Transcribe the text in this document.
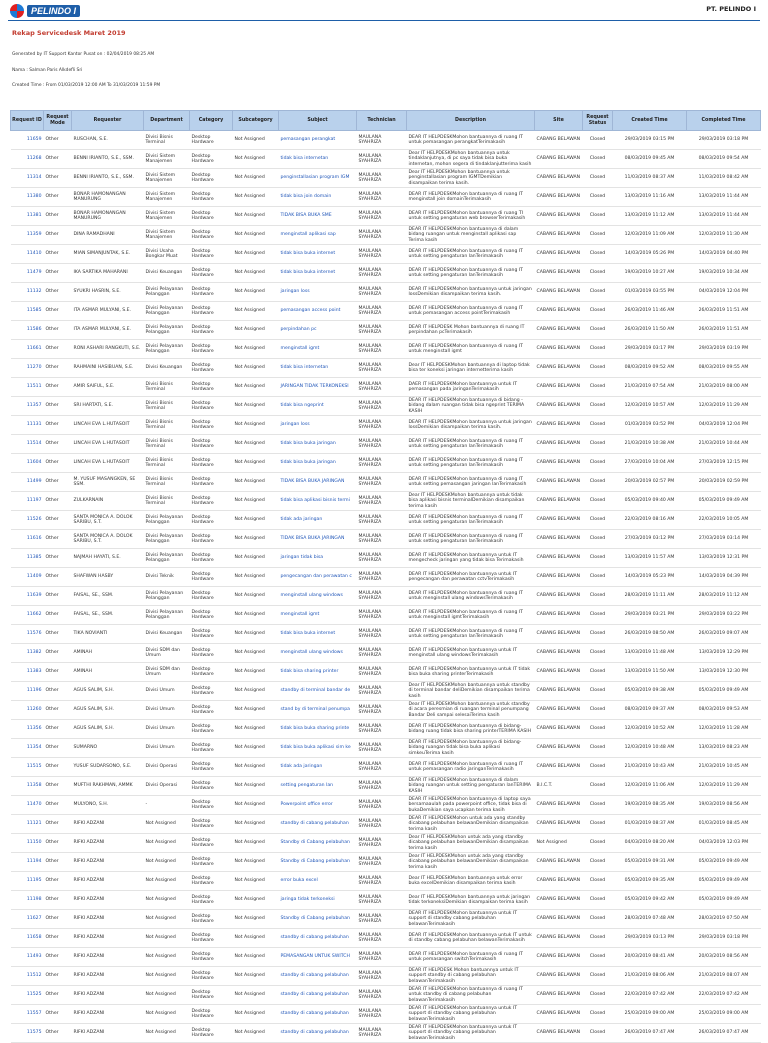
PELINDO I	PT. PELINDO I
Rekap Servicedesk Maret 2019
Generated by IT Support Kantor Pusat on : 02/04/2019 08:25 AM
Nama : Salman Paris Alkdefli Sri
Created Time : From 01/03/2019 12:00 AM To 31/03/2019 11:59 PM
Request ID	Request Mode	Requester	Department	Category	Subcategory	Subject	Technician	Description	Site	Request Status	Created Time	Completed Time
11659	Other	RUSCHAN, S.E.	Divisi Bisnis Terminal	Desktop Hardware	Not Assigned	pemasangan perangkat	MAULANA SYAHRIZA	DEAR IT HELPDESKMohon bantuannya di ruang IT untuk pemasangan perangkatTerimakasih	CABANG BELAWAN	Closed	29/03/2019 03:15 PM	29/03/2019 03:18 PM
11268	Other	BENNI IRIANTO, S.E., SSM.	Divisi Sistem Manajemen	Desktop Hardware	Not Assigned	tidak bisa internetan	MAULANA SYAHRIZA	Dear IT HELPDESKMohon bantuannya untuk tindaklanjutnya, di pc saya tidak bisa buka internetan, mohon segera di tindaklanjutterima kasih	CABANG BELAWAN	Closed	08/03/2019 09:45 AM	08/03/2019 09:54 AM
11314	Other	BENNI IRIANTO, S.E., SSM.	Divisi Sistem Manajemen	Desktop Hardware	Not Assigned	penginstallasian program IGM	MAULANA SYAHRIZA	Dear IT HELPDESKMohon bantuannya untuk penginstallasian program IGMTDemikian disampaikan terima kasih.	CABANG BELAWAN	Closed	11/03/2019 08:37 AM	11/03/2019 08:42 AM
11380	Other	BONAR HAMONANGAN MANURUNG	Divisi Sistem Manajemen	Desktop Hardware	Not Assigned	tidak bisa join domain	MAULANA SYAHRIZA	DEAR IT HELPDESKMohon bantuannya di ruang IT menginstall join domainTerimakasih	CABANG BELAWAN	Closed	13/03/2019 11:16 AM	13/03/2019 11:44 AM
11381	Other	BONAR HAMONANGAN MANURUNG	Divisi Sistem Manajemen	Desktop Hardware	Not Assigned	TIDAK BISA BUKA SME	MAULANA SYAHRIZA	DEAR IT HELPDESKMohon bantuannya di ruang TI untuk setting pengaturan web browserTerimakasih	CABANG BELAWAN	Closed	13/03/2019 11:12 AM	13/03/2019 11:44 AM
11359	Other	DINA RAMADHANI	Divisi Sistem Manajemen	Desktop Hardware	Not Assigned	menginstall aplikasi sap	MAULANA SYAHRIZA	DEAR IT HELPDESKMohon bantuannya di dalam bidang ruangan untuk menginstall aplikasi sap Terima kasih	CABANG BELAWAN	Closed	12/03/2019 11:09 AM	12/03/2019 11:30 AM
11410	Other	MIAN SIMANJUNTAK, S.E.	Divisi Usaha Bongkar Muat	Desktop Hardware	Not Assigned	tidak bisa buka internet	MAULANA SYAHRIZA	DEAR IT HELPDESKMohon bantuannya di ruang IT untuk setting pengaturan lanTerimakasih	CABANG BELAWAN	Closed	14/03/2019 05:26 PM	14/03/2019 04:40 PM
11479	Other	IKA SARTIKA MAHARANI	Divisi Keuangan	Desktop Hardware	Not Assigned	tidak bisa buka internet	MAULANA SYAHRIZA	DEAR IT HELPDESKMohon bantuannya di ruang IT untuk setting pengaturan lanTerimakasih	CABANG BELAWAN	Closed	19/03/2019 10:27 AM	19/03/2019 10:34 AM
11132	Other	SYUKRI HASRIN, S.E.	Divisi Pelayanan Pelanggan	Desktop Hardware	Not Assigned	jaringan loss	MAULANA SYAHRIZA	DEAR IT HELPDESKMohon bantuannya untuk jaringan lossDemikian disampaikan terima kasih.	CABANG BELAWAN	Closed	01/03/2019 03:55 PM	04/03/2019 12:04 PM
11585	Other	ITA ASMAR MULYANI, S.E.	Divisi Pelayanan Pelanggan	Desktop Hardware	Not Assigned	pemasangan access point	MAULANA SYAHRIZA	DEAR IT HELPDESKMohon bantuannya di ruang IT untuk pemasangan access pointTerimakasih	CABANG BELAWAN	Closed	26/03/2019 11:46 AM	26/03/2019 11:51 AM
11586	Other	ITA ASMAR MULYANI, S.E.	Divisi Pelayanan Pelanggan	Desktop Hardware	Not Assigned	perpindahan pc	MAULANA SYAHRIZA	DEAR IT HELPDESK Mohon bantuannya di ruang IT perpindahan pcTerimakasih	CABANG BELAWAN	Closed	26/03/2019 11:50 AM	26/03/2019 11:51 AM
11661	Other	RONI ASHARI RANGKUTI, S.E.	Divisi Pelayanan Pelanggan	Desktop Hardware	Not Assigned	menginstall igmt	MAULANA SYAHRIZA	DEAR IT HELPDESKMohon bantuannya di ruang IT untuk menginstall igmt	CABANG BELAWAN	Closed	29/03/2019 03:17 PM	29/03/2019 03:19 PM
11270	Other	RAHMAINI HASIBUAN, S.E.	Divisi Keuangan	Desktop Hardware	Not Assigned	tidak bisa internetan	MAULANA SYAHRIZA	Dear IT HELPDESKMohon bantuannya di laptop tidak bisa ter koneksi jaringan internetterima kasih	CABANG BELAWAN	Closed	08/03/2019 09:52 AM	08/03/2019 09:55 AM
11511	Other	AMIR SAIFUL, S.E.	Divisi Bisnis Terminal	Desktop Hardware	Not Assigned	JARINGAN TIDAK TERKONEKSI	MAULANA SYAHRIZA	DAER IT HELPDESKMohon bantuannya untuk IT pemasangan pada jaringanTerimakasih	CABANG BELAWAN	Closed	21/03/2019 07:54 AM	21/03/2019 08:00 AM
11357	Other	SRI HARTATI, S.E.	Divisi Bisnis Terminal	Desktop Hardware	Not Assigned	tidak bisa ngeprint	MAULANA SYAHRIZA	DEAR IT HELPDESKMohon bantuannya di bidang -bidang dalam ruangan tidak bisa ngeprint TERIMA KASIH	CABANG BELAWAN	Closed	12/03/2019 10:57 AM	12/03/2019 11:29 AM
11131	Other	LINCAH EVA L.HUTASOIT	Divisi Bisnis Terminal	Desktop Hardware	Not Assigned	jaringan loss	MAULANA SYAHRIZA	DEAR IT HELPDESKMohon bantuannya untuk jaringan lossDemikian disampaikan terima kasih.	CABANG BELAWAN	Closed	01/03/2019 03:52 PM	04/03/2019 12:04 PM
11514	Other	LINCAH EVA L.HUTASOIT	Divisi Bisnis Terminal	Desktop Hardware	Not Assigned	tidak bisa buka jaringan	MAULANA SYAHRIZA	DEAR IT HELPDESKMohon bantuannya di ruang IT untuk setting pengaturan lanTerimakasih	CABANG BELAWAN	Closed	21/03/2019 10:38 AM	21/03/2019 10:44 AM
11604	Other	LINCAH EVA L.HUTASOIT	Divisi Bisnis Terminal	Desktop Hardware	Not Assigned	tidak bisa buka jaringan	MAULANA SYAHRIZA	DEAR IT HELPDESKMohon bantuannya di ruang IT untuk setting pengaturan lanTerimakasih	CABANG BELAWAN	Closed	27/03/2019 10:04 AM	27/03/2019 12:15 PM
11499	Other	M. YUSUF MASANGKEN, SE SSM.	Divisi Bisnis Terminal	Desktop Hardware	Not Assigned	TIDAK BISA BUKA JARINGAN	MAULANA SYAHRIZA	DEAR IT HELPDESKMohon bantuannya di ruang IT untuk setting pemasangan jaringan lanTerimakasih	CABANG BELAWAN	Closed	20/03/2019 02:57 PM	20/03/2019 02:59 PM
11197	Other	ZULKARNAIN	Divisi Bisnis Terminal	Desktop Hardware	Not Assigned	tidak bisa aplikasi bisnis termi	MAULANA SYAHRIZA	Dear IT HELPDESKMohon bantuannya untuk tidak bisa aplikasi bisnis terminalDemikian disampaikan terima kasih	CABANG BELAWAN	Closed	05/03/2019 09:40 AM	05/03/2019 09:49 AM
11526	Other	SANTA MONICA A. DOLOK SARIBU, S.T.	Divisi Pelayanan Pelanggan	Desktop Hardware	Not Assigned	tidak ada jaringan	MAULANA SYAHRIZA	DEAR IT HELPDESKMohon bantuannya di ruang IT untuk setting pengaturan lanTerimakasih	CABANG BELAWAN	Closed	22/03/2019 08:16 AM	22/03/2019 10:05 AM
11616	Other	SANTA MONICA A. DOLOK SARIBU, S.T.	Divisi Pelayanan Pelanggan	Desktop Hardware	Not Assigned	TIDAK BISA BUKA JARINGAN	MAULANA SYAHRIZA	DEAR IT HELPDESKMohon bantuannya di ruang IT untuk setting pengaturan lanTerimakasih	CABANG BELAWAN	Closed	27/03/2019 03:12 PM	27/03/2019 03:14 PM
11385	Other	NAJMAH HAYATI, S.E.	Divisi Pelayanan Pelanggan	Desktop Hardware	Not Assigned	jaringan tidak bisa	MAULANA SYAHRIZA	DEAR IT HELPDESKMohon bantuannya untuk IT mengecheck jaringan yang tidak bisa Terimakasih	CABANG BELAWAN	Closed	13/03/2019 11:57 AM	13/03/2019 12:31 PM
11409	Other	SHAFWAN HASBY	Divisi Teknik	Desktop Hardware	Not Assigned	pengecangan dan perawatan c	MAULANA SYAHRIZA	DEAR IT HELPDESKMohon bantuannya untuk IT pengecangan dan perawatan cctvTerimakasih	CABANG BELAWAN	Closed	14/03/2019 05:23 PM	14/03/2019 04:39 PM
11639	Other	FAISAL, SE., SSM.	Divisi Pelayanan Pelanggan	Desktop Hardware	Not Assigned	menginstall ulang windows	MAULANA SYAHRIZA	DEAR IT HELPDESKMohon bantuannya di ruang IT untuk menginstall ulang windowsTerimakasih	CABANG BELAWAN	Closed	28/03/2019 11:11 AM	28/03/2019 11:12 AM
11662	Other	FAISAL, SE., SSM.	Divisi Pelayanan Pelanggan	Desktop Hardware	Not Assigned	menginstall igmt	MAULANA SYAHRIZA	DEAR IT HELPDESKMohon bantuannya di ruang IT untuk menginstall igmtTerimakasih	CABANG BELAWAN	Closed	29/03/2019 03:21 PM	29/03/2019 03:22 PM
11576	Other	TIKA NOVIANTI	Divisi Keuangan	Desktop Hardware	Not Assigned	tidak bisa buka internet	MAULANA SYAHRIZA	DEAR IT HELPDESKMohon bantuannya di ruang IT untuk setting pengaturan lanTerimakasih	CABANG BELAWAN	Closed	26/03/2019 08:50 AM	26/03/2019 09:07 AM
11382	Other	AMINAH	Divisi SDM dan Umum	Desktop Hardware	Not Assigned	menginstall ulang windows	MAULANA SYAHRIZA	DEAR IT HELPDESKMohon bantuannya untuk IT menginstall ulang windowsTerimakasih	CABANG BELAWAN	Closed	13/03/2019 11:48 AM	13/03/2019 12:29 PM
11383	Other	AMINAH	Divisi SDM dan Umum	Desktop Hardware	Not Assigned	tidak bisa sharing printer	MAULANA SYAHRIZA	DEAR IT HELPDESKMohon bantuannya untuk IT tidak bisa buka sharing printerTerimakasih	CABANG BELAWAN	Closed	13/03/2019 11:50 AM	13/03/2019 12:30 PM
11196	Other	AGUS SALIM, S.H.	Divisi Umum	Desktop Hardware	Not Assigned	standby di terminal bandar de	MAULANA SYAHRIZA	Dear IT HELPDESKMohon bantuannya untuk standby di terminal bandar deliDemikian disampaikan terima kasih	CABANG BELAWAN	Closed	05/03/2019 09:38 AM	05/03/2019 09:49 AM
11260	Other	AGUS SALIM, S.H.	Divisi Umum	Desktop Hardware	Not Assigned	stand by di terminal penumpa	MAULANA SYAHRIZA	Dear IT HELPDESKMohon bantuannya untuk standby di acara peresmian di ruangan terminal penumpang Bandar Deli sampai selesaiTerima kasih	CABANG BELAWAN	Closed	08/03/2019 09:37 AM	08/03/2019 09:53 AM
11356	Other	AGUS SALIM, S.H.	Divisi Umum	Desktop Hardware	Not Assigned	tidak bisa buka sharing printe	MAULANA SYAHRIZA	DEAR IT HELPDESKMohon bantuannya di bidang-bidang ruang tidak bisa sharing printerTERIMA KASIH	CABANG BELAWAN	Closed	12/03/2019 10:52 AM	12/03/2019 11:28 AM
11354	Other	SUMARNO	Divisi Umum	Desktop Hardware	Not Assigned	tidak bisa buka aplikasi sim ke	MAULANA SYAHRIZA	DEAR IT HELPDESKMohon bantuannya di bidang-bidang ruangan tidak bisa buka aplikasi simkeuTerima kasih	CABANG BELAWAN	Closed	12/03/2019 10:48 AM	13/03/2019 08:23 AM
11515	Other	YUSUF SUDARSONO, S.E.	Divisi Operasi	Desktop Hardware	Not Assigned	tidak ada jaringan	MAULANA SYAHRIZA	DEAR IT HELPDESKMohon bantuannya di ruang IT untuk pemasangan radio jaringanTerimakasih	CABANG BELAWAN	Closed	21/03/2019 10:43 AM	21/03/2019 10:45 AM
11358	Other	MUFTHI RAKHMAN, AMMK	Divisi Operasi	Desktop Hardware	Not Assigned	setting pengaturan lan	MAULANA SYAHRIZA	DEAR IT HELPDESKMohon bantuannya di dalam bidang ruangan untuk setting pengaturan lanTERIMA KASIH	B.I.C.T.	Closed	12/03/2019 11:06 AM	12/03/2019 11:29 AM
11470	Other	MULYONO, S.H.	-	Desktop Hardware	Not Assigned	Powerpoint office error	MAULANA SYAHRIZA	DEAR IT HELPDESKMohon bantuannya di laptop saya bersamaaulah pada powerpoint office, tidak bisa di bukaDemikian saya ucapkan terima kasih	CABANG BELAWAN	Closed	19/03/2019 08:35 AM	19/03/2019 08:56 AM
11121	Other	RIFKI ADZANI	Not Assigned	Desktop Hardware	Not Assigned	standby di cabang pelabuhan	MAULANA SYAHRIZA	DEAR IT HELPDESKMohon untuk ada yang standby dicabang pelabuhan belawanDemikian disampaikan terima kasih	CABANG BELAWAN	Closed	01/03/2019 08:37 AM	01/03/2019 08:45 AM
11150	Other	RIFKI ADZANI	Not Assigned	Desktop Hardware	Not Assigned	Standby di Cabang pelabuhan	MAULANA SYAHRIZA	Dear IT HELPDESKMohon untuk ada yang standby dicabang pelabuhan belawanDemikian disampaikan terima kasih	Not Assigned	Closed	04/03/2019 08:20 AM	04/03/2019 12:03 PM
11194	Other	RIFKI ADZANI	Not Assigned	Desktop Hardware	Not Assigned	Standby di Cabang pelabuhan	MAULANA SYAHRIZA	Dear IT HELPDESKMohon untuk ada yang standby dicabang pelabuhan belawanDemikian disampaikan terima kasih	CABANG BELAWAN	Closed	05/03/2019 09:31 AM	05/03/2019 09:49 AM
11195	Other	RIFKI ADZANI	Not Assigned	Desktop Hardware	Not Assigned	error buka excel	MAULANA SYAHRIZA	Dear IT HELPDESKMohon bantuannya untuk error buka excelDemikian disampaikan terima kasih	CABANG BELAWAN	Closed	05/03/2019 09:35 AM	05/03/2019 09:49 AM
11198	Other	RIFKI ADZANI	Not Assigned	Desktop Hardware	Not Assigned	jaringa tidak terkoneksi	MAULANA SYAHRIZA	Dear IT HELPDESKMohon bantuannya untuk jaringan tidak terkoneksiDemikian disampaikan terima kasih	CABANG BELAWAN	Closed	05/03/2019 09:42 AM	05/03/2019 09:49 AM
11627	Other	RIFKI ADZANI	Not Assigned	Desktop Hardware	Not Assigned	Standby di Cabang pelabuhan	MAULANA SYAHRIZA	DEAR IT HELPDESKMohon bantuannya untuk IT support di standby cabang pelabuhan belawanTerimakasih	CABANG BELAWAN	Closed	28/03/2019 07:48 AM	28/03/2019 07:50 AM
11658	Other	RIFKI ADZANI	Not Assigned	Desktop Hardware	Not Assigned	standby di cabang pelabuhan	MAULANA SYAHRIZA	DEAR IT HELPDESKMohon bantuannya untuk IT untuk di standby cabang pelabuhan belawanTerimakasih	CABANG BELAWAN	Closed	29/03/2019 03:13 PM	29/03/2019 03:18 PM
11493	Other	RIFKI ADZANI	Not Assigned	Desktop Hardware	Not Assigned	PEMASANGAN UNTUK SWITCH	MAULANA SYAHRIZA	DEAR IT HELPDESKMohon bantuannya di ruang IT untuk pemasangan switchTerimakasih	CABANG BELAWAN	Closed	20/03/2019 08:41 AM	20/03/2019 08:56 AM
11512	Other	RIFKI ADZANI	Not Assigned	Desktop Hardware	Not Assigned	standby di cabang pelabuhan	MAULANA SYAHRIZA	DEAR IT HELPDESK Mohon bantuannya untuk IT support standby di cabang pelabuhan belawanTerimakasih	CABANG BELAWAN	Closed	21/03/2019 08:06 AM	21/03/2019 08:07 AM
11525	Other	RIFKI ADZANI	Not Assigned	Desktop Hardware	Not Assigned	standby di cabang pelabuhan	MAULANA SYAHRIZA	DEAR IT HELPDESKMohon bantuannya di ruang IT untuk standby di cabang pelabuhan belawanTerimakasih	CABANG BELAWAN	Closed	22/03/2019 07:42 AM	22/03/2019 07:42 AM
11557	Other	RIFKI ADZANI	Not Assigned	Desktop Hardware	Not Assigned	standby di cabang pelabuhan	MAULANA SYAHRIZA	DEAR IT HELPDESKMohon bantuannya untuk IT support di standby cabang pelabuhan belawanTerimakasih	CABANG BELAWAN	Closed	25/03/2019 09:00 AM	25/03/2019 09:00 AM
11575	Other	RIFKI ADZANI	Not Assigned	Desktop Hardware	Not Assigned	standby di cabang pelabuhan	MAULANA SYAHRIZA	DEAR IT HELPDESKMohon bantuannya untuk IT support di standby cabang pelabuhan belawanTerimakasih	CABANG BELAWAN	Closed	26/03/2019 07:47 AM	26/03/2019 07:47 AM
